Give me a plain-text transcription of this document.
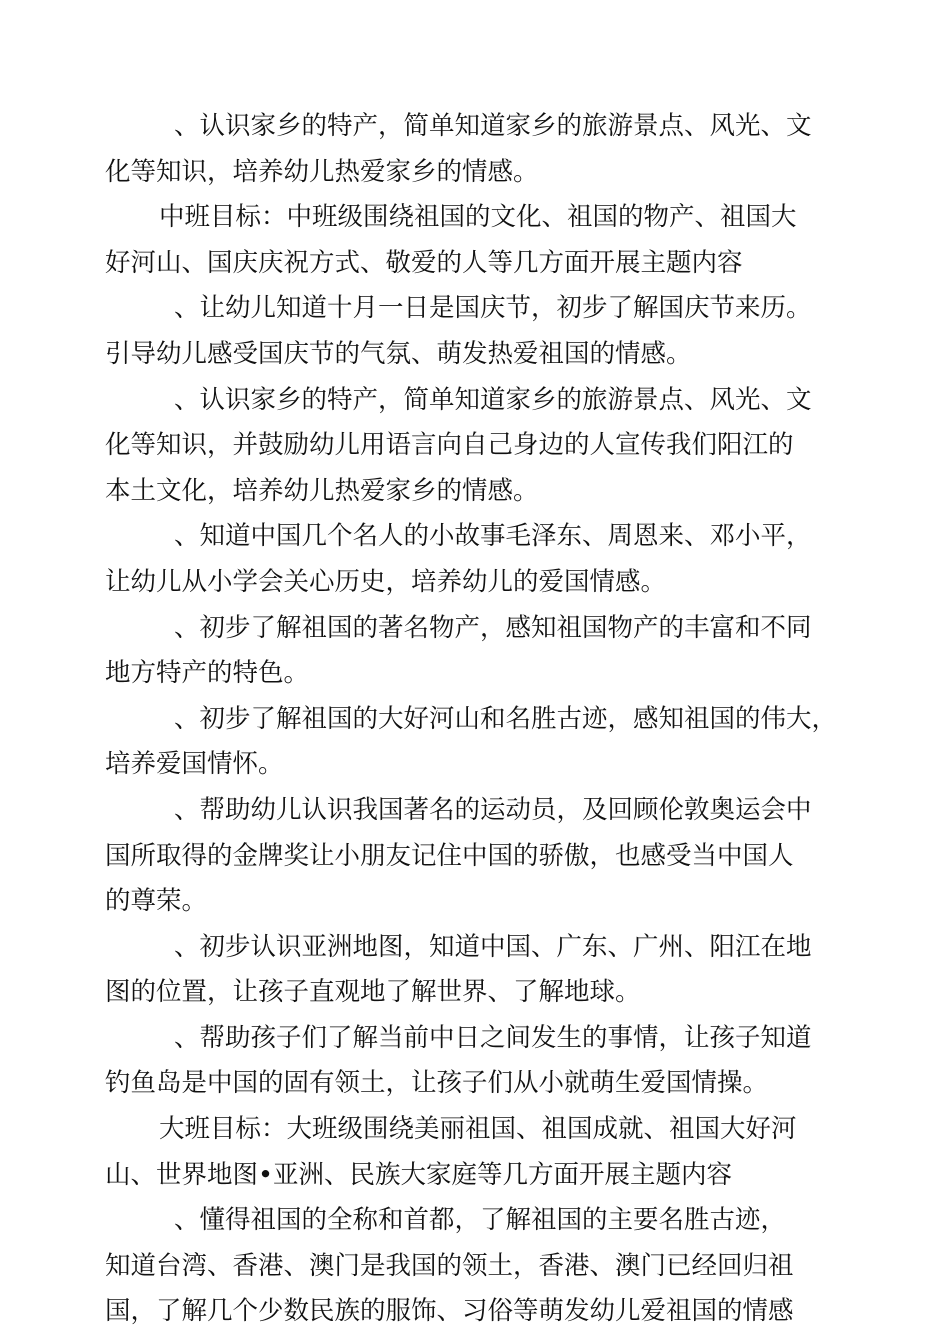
、认识家乡的特产，简单知道家乡的旅游景点、风光、文
化等知识，培养幼儿热爱家乡的情感。
中班目标：中班级围绕祖国的文化、祖国的物产、祖国大
好河山、国庆庆祝方式、敬爱的人等几方面开展主题内容
、让幼儿知道十月一日是国庆节，初步了解国庆节来历。
引导幼儿感受国庆节的气氛、萌发热爱祖国的情感。
、认识家乡的特产，简单知道家乡的旅游景点、风光、文
化等知识，并鼓励幼儿用语言向自己身边的人宣传我们阳江的
本土文化，培养幼儿热爱家乡的情感。
、知道中国几个名人的小故事毛泽东、周恩来、邓小平，
让幼儿从小学会关心历史，培养幼儿的爱国情感。
、初步了解祖国的著名物产，感知祖国物产的丰富和不同
地方特产的特色。
、初步了解祖国的大好河山和名胜古迹，感知祖国的伟大，
培养爱国情怀。
、帮助幼儿认识我国著名的运动员，及回顾伦敦奥运会中
国所取得的金牌奖让小朋友记住中国的骄傲，也感受当中国人
的尊荣。
、初步认识亚洲地图，知道中国、广东、广州、阳江在地
图的位置，让孩子直观地了解世界、了解地球。
、帮助孩子们了解当前中日之间发生的事情，让孩子知道
钓鱼岛是中国的固有领土，让孩子们从小就萌生爱国情操。
大班目标：大班级围绕美丽祖国、祖国成就、祖国大好河
山、世界地图•亚洲、民族大家庭等几方面开展主题内容
、懂得祖国的全称和首都，了解祖国的主要名胜古迹，
知道台湾、香港、澳门是我国的领土，香港、澳门已经回归祖
国，了解几个少数民族的服饰、习俗等萌发幼儿爱祖国的情感
